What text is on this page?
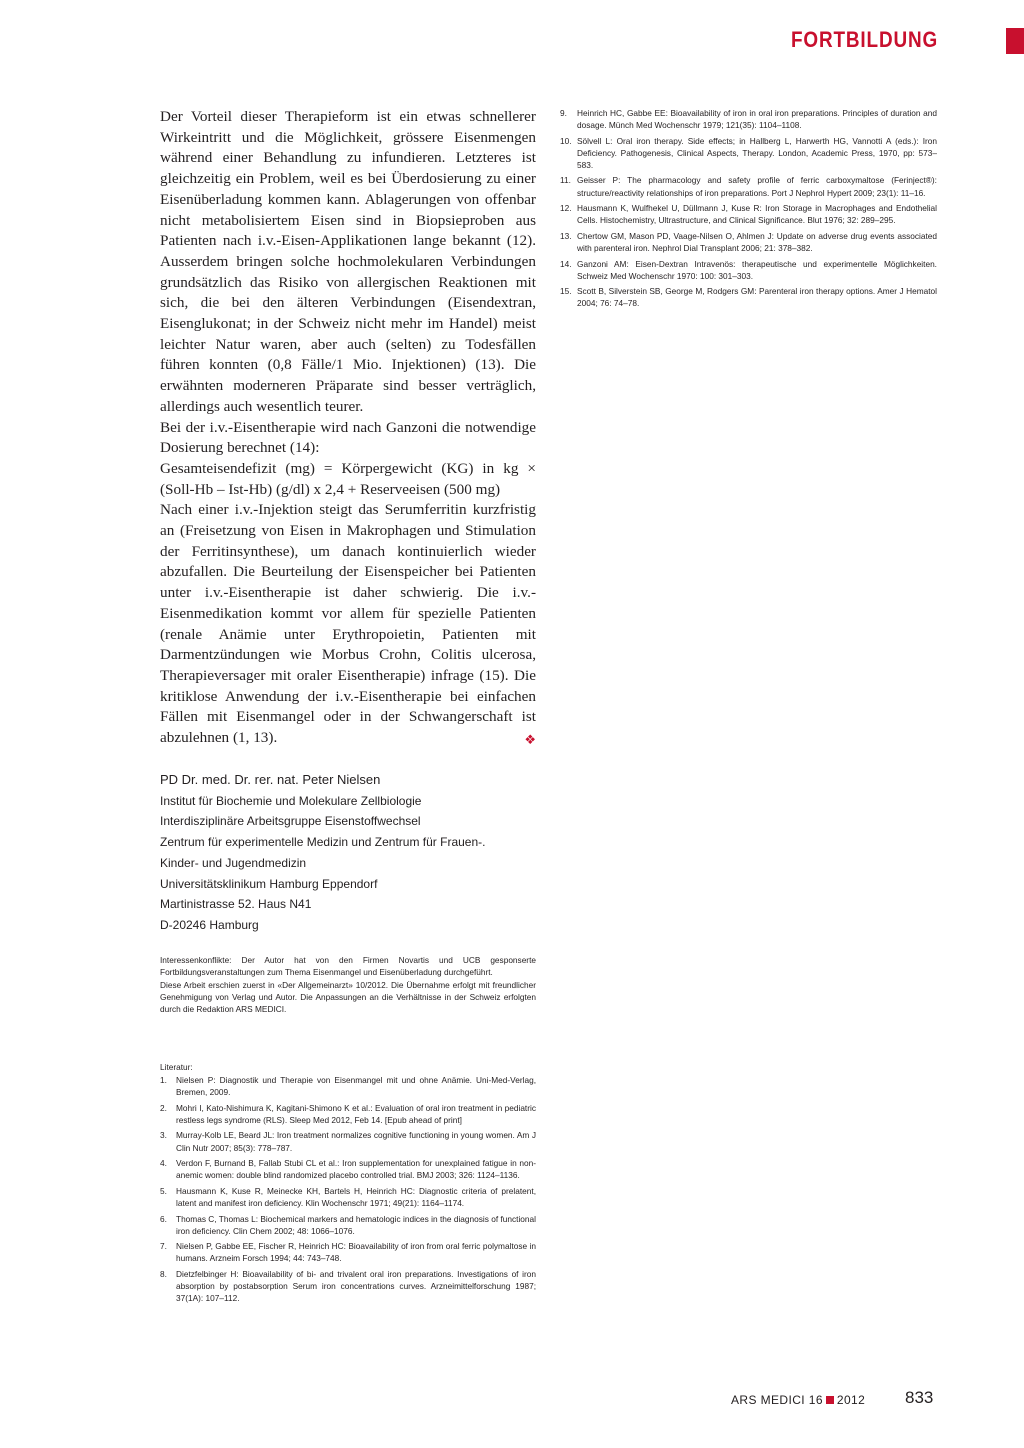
FORTBILDUNG

Der Vorteil dieser Therapieform ist ein etwas schnellerer Wirkeintritt und die Möglichkeit, grössere Eisenmengen während einer Behandlung zu infundieren. Letzteres ist gleichzeitig ein Problem, weil es bei Überdosierung zu einer Eisenüberladung kommen kann. Ablagerungen von offenbar nicht metabolisiertem Eisen sind in Biopsieproben aus Patienten nach i.v.-Eisen-Applikationen lange bekannt (12). Ausserdem bringen solche hochmolekularen Verbindungen grundsätzlich das Risiko von allergischen Reaktionen mit sich, die bei den älteren Verbindungen (Eisendextran, Eisenglukonat; in der Schweiz nicht mehr im Handel) meist leichter Natur waren, aber auch (selten) zu Todesfällen führen konnten (0,8 Fälle/1 Mio. Injektionen) (13). Die erwähnten moderneren Präparate sind besser verträglich, allerdings auch wesentlich teurer.

Bei der i.v.-Eisentherapie wird nach Ganzoni die notwendige Dosierung berechnet (14):

Gesamteisendefizit (mg) = Körpergewicht (KG) in kg × (Soll-Hb – Ist-Hb) (g/dl) x 2,4 + Reserveeisen (500 mg)

Nach einer i.v.-Injektion steigt das Serumferritin kurzfristig an (Freisetzung von Eisen in Makrophagen und Stimulation der Ferritinsynthese), um danach kontinuierlich wieder abzufallen. Die Beurteilung der Eisenspeicher bei Patienten unter i.v.-Eisentherapie ist daher schwierig. Die i.v.-Eisenmedikation kommt vor allem für spezielle Patienten (renale Anämie unter Erythropoietin, Patienten mit Darmentzündungen wie Morbus Crohn, Colitis ulcerosa, Therapieversager mit oraler Eisentherapie) infrage (15). Die kritiklose Anwendung der i.v.-Eisentherapie bei einfachen Fällen mit Eisenmangel oder in der Schwangerschaft ist abzulehnen (1, 13).	❖

PD Dr. med. Dr. rer. nat. Peter Nielsen
Institut für Biochemie und Molekulare Zellbiologie
Interdisziplinäre Arbeitsgruppe Eisenstoffwechsel
Zentrum für experimentelle Medizin und Zentrum für Frauen-.
Kinder- und Jugendmedizin
Universitätsklinikum Hamburg Eppendorf
Martinistrasse 52. Haus N41
D-20246 Hamburg

Interessenkonflikte: Der Autor hat von den Firmen Novartis und UCB gesponserte Fortbildungsveranstaltungen zum Thema Eisenmangel und Eisenüberladung durchgeführt.

Diese Arbeit erschien zuerst in «Der Allgemeinarzt» 10/2012. Die Übernahme erfolgt mit freundlicher Genehmigung von Verlag und Autor. Die Anpassungen an die Verhältnisse in der Schweiz erfolgten durch die Redaktion ARS MEDICI.

Literatur:

1.	Nielsen P: Diagnostik und Therapie von Eisenmangel mit und ohne Anämie. Uni-Med-Verlag, Bremen, 2009.
2.	Mohri I, Kato-Nishimura K, Kagitani-Shimono K et al.: Evaluation of oral iron treatment in pediatric restless legs syndrome (RLS). Sleep Med 2012, Feb 14. [Epub ahead of print]
3.	Murray-Kolb LE, Beard JL: Iron treatment normalizes cognitive functioning in young women. Am J Clin Nutr 2007; 85(3): 778–787.
4.	Verdon F, Burnand B, Fallab Stubi CL et al.: Iron supplementation for unexplained fatigue in non-anemic women: double blind randomized placebo controlled trial. BMJ 2003; 326: 1124–1136.
5.	Hausmann K, Kuse R, Meinecke KH, Bartels H, Heinrich HC: Diagnostic criteria of prelatent, latent and manifest iron deficiency. Klin Wochenschr 1971; 49(21): 1164–1174.
6.	Thomas C, Thomas L: Biochemical markers and hematologic indices in the diagnosis of functional iron deficiency. Clin Chem 2002; 48: 1066–1076.
7.	Nielsen P, Gabbe EE, Fischer R, Heinrich HC: Bioavailability of iron from oral ferric polymaltose in humans. Arzneim Forsch 1994; 44: 743–748.
8.	Dietzfelbinger H: Bioavailability of bi- and trivalent oral iron preparations. Investigations of iron absorption by postabsorption Serum iron concentrations curves. Arzneimittelforschung 1987; 37(1A): 107–112.
9.	Heinrich HC, Gabbe EE: Bioavailability of iron in oral iron preparations. Principles of duration and dosage. Münch Med Wochenschr 1979; 121(35): 1104–1108.
10. Sölvell L: Oral iron therapy. Side effects; in Hallberg L, Harwerth HG, Vannotti A (eds.): Iron Deficiency. Pathogenesis, Clinical Aspects, Therapy. London, Academic Press, 1970, pp: 573–583.
11. Geisser P: The pharmacology and safety profile of ferric carboxymaltose (Ferinject®): structure/reactivity relationships of iron preparations. Port J Nephrol Hypert 2009; 23(1): 11–16.
12. Hausmann K, Wulfhekel U, Düllmann J, Kuse R: Iron Storage in Macrophages and Endothelial Cells. Histochemistry, Ultrastructure, and Clinical Significance. Blut 1976; 32: 289–295.
13. Chertow GM, Mason PD, Vaage-Nilsen O, Ahlmen J: Update on adverse drug events associated with parenteral iron. Nephrol Dial Transplant 2006; 21: 378–382.
14. Ganzoni AM: Eisen-Dextran Intravenös: therapeutische und experimentelle Möglichkeiten. Schweiz Med Wochenschr 1970: 100: 301–303.
15. Scott B, Silverstein SB, George M, Rodgers GM: Parenteral iron therapy options. Amer J Hematol 2004; 76: 74–78.
ARS MEDICI 16 2012 833
